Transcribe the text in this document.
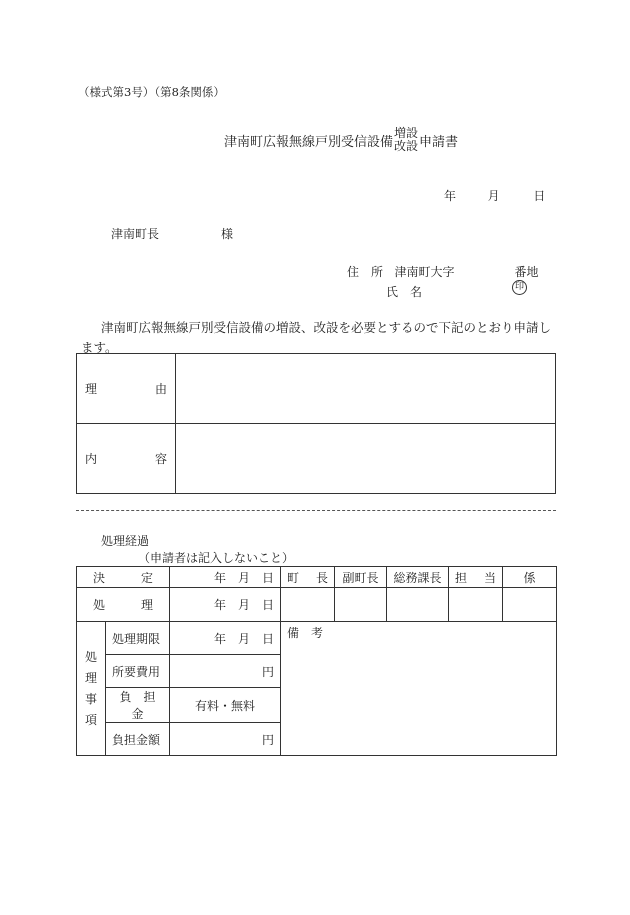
（様式第3号）（第8条関係）
津南町広報無線戸別受信設備
増設
改設 申請書
年	月	日
津南町長	様
住　所 津南町大字	番地
氏　名	印
津南町広報無線戸別受信設備の増設、改設を必要とするので下記のとおり申請します。
理 由	

内 容	

処理経過
（申請者は記入しないこと）
決 定		年　月　日	町 長	副町長	総務課長	担 当	係

処 理		年　月　日					
処
理
事
項	処理期限	年　月　日	備　考				
	所要費用	円					
	負　担　金	有料・無料					
	負担金額	円					
